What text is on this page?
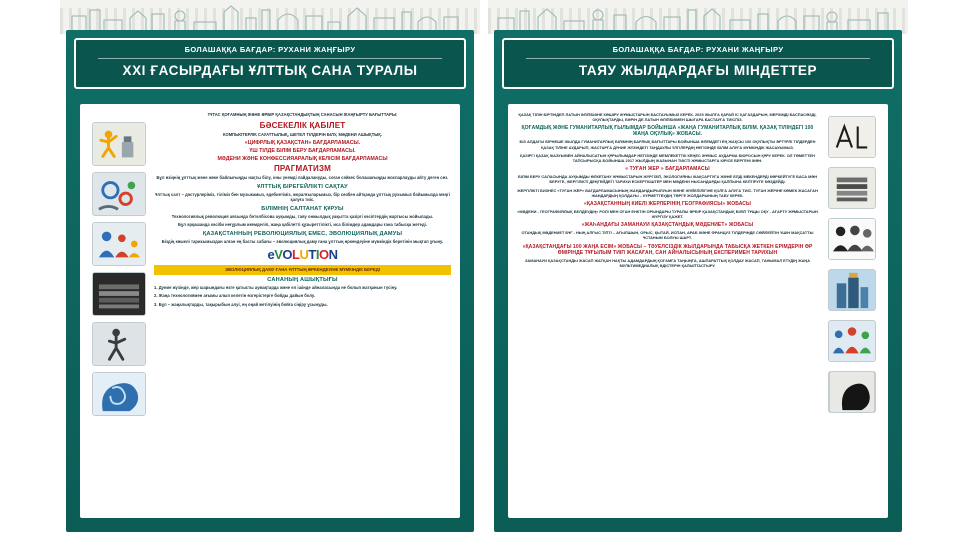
БОЛАШАҚҚА БАҒДАР: РУХАНИ ЖАҢҒЫРУ
XXI ҒАСЫРДАҒЫ ҰЛТТЫҚ САНА ТУРАЛЫ

ТҰТАС ҚОҒАМНЫҢ ЖӘНЕ ӘРБІР ҚАЗАҚСТАНДЫҚТЫҢ САНАСЫН ЖАҢҒЫРТУ БАҒЫТТАРЫ:

БӘСЕКЕЛІК ҚАБІЛЕТ

КОМПЬЮТЕРЛІК САУАТТЫЛЫҚ, ШЕТЕЛ ТІЛДЕРІН БІЛУ, МӘДЕНИ АШЫҚТЫҚ.

«ЦИФРЛЫҚ ҚАЗАҚСТАН» БАҒДАРЛАМАСЫ.

ҮШ ТІЛДЕ БІЛІМ БЕРУ БАҒДАРЛАМАСЫ.

МӘДЕНИ ЖӘНЕ КОНФЕССИЯАРАЛЫҚ КЕЛІСІМ БАҒДАРЛАМАСЫ

ПРАГМАТИЗМ

Бұл өзіңнің ұлттық және жеке байлығыңды нақты білу, оны үнемді пайдалануды, соған сәйкес болашағыңды жоспарлауды айту деген сөз.

ҰЛТТЫҚ БІРЕГЕЙЛІКТІ САҚТАУ

Ұлттық салт – дәстүрлеріміз, тіліміз бен музыкамыз, әдебиетіміз, жоралғыларымыз, бір сөзбен айтқанда ұлттық рухымыз бойымызда мәңгі қалуға тиіс.

БІЛІМНІҢ САЛТАНАТ ҚҰРУЫ

Технологиялық революция аясында бәтәлбісова ауқымды, таяу онжылдық уақытта қазіргі кәсіптердің жартысы жойылады.

Бұл әрқашанда кәсіби неғұрлым икемделіп, жаңа қабілетті құзыреттілікті, иса білімдер адамдары ғана табысқа жетеді.

ҚАЗАҚСТАННЫҢ РЕВОЛЮЦИЯЛЫҚ ЕМЕС, ЭВОЛЮЦИЯЛЫҚ ДАМУЫ

Біздің көшелі тарихымыздан алған ең басты сабағы – эволюциялық даму ғана ұлттың өркендеуіне мүмкіндік беретінін мықтап ұғыну.

eVOLUTION
ЭВОЛЮЦИЯЛЫҚ ДАМУ ҒАНА ҰЛТТЫҢ ӨРКЕНДЕУІНЕ МҮМКІНДІК БЕРЕДІ
САНАНЫҢ АШЫҚТЫҒЫ

1. Дүние жүзінде, жер шарындағы өзге қатысты аумақтарда және ел ішінде айналасында не болып жатқанын түсіну.

2. Жаңа технологиямен ағымы алып келетін өзгерістерге бойды дайын болу.

3. Бұл – жаңалықтарды, тақырыбын алуі, ең оңай жетілуінің бойға сіңіру ұсынуды.

БОЛАШАҚҚА БАҒДАР: РУХАНИ ЖАҢҒЫРУ
ТАЯУ ЖЫЛДАРДАҒЫ МІНДЕТТЕР

ҚАЗАҚ ТІЛІН БІРТІНДЕП ЛАТЫН ӘЛІПБИІНЕ КӨШІРУ ЖҰМЫСТАРЫН БАСТАУЫМЫЗ КЕРЕК. 2025 ЖЫЛҒА ҚАРАЙ ІС ҚАҒАЗДАРЫН, МЕРЗІМДІ БАСПАСӨЗДІ, ОҚУЛЫҚТАРДЫ, БӘРІН ДЕ ЛАТЫН ӘЛІПБИІМЕН ШЫҒАРА БАСТАУҒА ТИІСПІЗ.

ҚОҒАМДЫҚ ЖӘНЕ ГУМАНИТАРЛЫҚ ҒЫЛЫМДАР БОЙЫНША «ЖАҢА ГУМАНИТАРЛЫҚ БІЛІМ. ҚАЗАҚ ТІЛІНДЕГІ 100 ЖАҢА ОҚУЛЫҚ» ЖОБАСЫ.

БІЗ АЛДАҒЫ БІРНЕШЕ ЖЫЛДА ГУМАНИТАРЛЫҚ БІЛІМНІҢ БАРЛЫҚ БАҒЫТТАРЫ БОЙЫНША ӘЛЕМДЕГІ ЕҢ ЖАҚСЫ 100 ОҚУЛЫҚТЫ ӘРТҮРЛІ ТІЛДЕРДЕН ҚАЗАҚ ТІЛІНЕ АУДАРЫП, ЖАСТАРҒА ДҮНИЕ ЖҮЗІНДЕГІ ТАҢДАУЛЫ ҮЛГІЛЕРДІҢ НЕГІЗІНДЕ БІЛІМ АЛУҒА МҮМКІНДІК ЖАСАУЫМЫЗ.

ҚАЗІРГІ ҚАЗАҚ ЖАЗУЫМЕН АЙНАЛЫСАТЫН ҚҰРЫЛЫМДАР НЕГІЗІНДЕ МЕМЛЕКЕТТІК КЕҢЕС ЖҰМЫС АУДАРМА БЮРОСЫН ҚҰРУ КЕРЕК. ОЛ ТӨМЕТТЕН ТАПСЫРЫСҚА БОЙЫНША 2017 ЖЫЛДЫҢ ЖАЗЫНАН ТИІСТІ ЖҰМЫСТАРҒА КІРІСЕ БЕРГЕНІ ЖӨН.

« ТУҒАН ЖЕР » БАҒДАРЛАМАСЫ

БІЛІМ БЕРУ САЛАСЫНДА АУҚЫМДЫ ӨЛКЕТАНУ ЖҰМЫСТАРЫН ЖҮРГІЗІП, ЭКОЛОГИЯНЫ ЖАҚСАРТУҒА ЖӘНЕ ЕЛДІ МЕКЕНДЕРДІ КӨРКЕЙТУГЕ БАСА МӘН БЕРУГЕ, ЖЕРГІЛІКТІ ДЕҢГЕЙДЕГІ ТАРИХИ ЕСКЕРТКІШТЕР МЕН МӘДЕНИ НЫСАНДАРДЫ ҚАЛПЫНА КЕЛТІРУГЕ КӨЗДЕЙДІ.

ЖЕРГІЛІКТІ БИЗНЕС «ТУҒАН ЖЕР» БАҒДАРЛАМАСЫНЫҢ ЖАНДАНДЫРЫЛУЫН ЖӘНЕ ЖҮЙЕЛІЛІГІНЕ ҚОЛҒА АЛУҒА ТИІС. ТУҒАН ЖЕРІНЕ КӨМЕК ЖАСАҒАН ЖАНДАРДЫҢ ҚОЛДАУЫ – КҮРМЕТТЕУДІҢ ТӨРГЕ ЖОЛДАРЫНЫҢ ТАБУ КЕРЕК.

«ҚАЗАҚСТАННЫҢ КИЕЛІ ЖЕРЛЕРІНІҢ ГЕОГРАФИЯСЫ» ЖОБАСЫ

«МӘДЕНИ - ГЕОГРАФИЯЛЫҚ БЕЛДЕУДІҢ» РОЛІ МЕН ОҒАН ЕНКТІН ОРЫНДАРЫ ТУРАЛЫ ӘРБІР ҚАЗАҚСТАНДЫҚ БІЛІП ТҰЩЫ ОҚУ - АҒАРТУ ЖҰМЫСТАРЫН ЖҮРГІЗУ ҚАЖЕТ.

«ЖАҺАНДАҒЫ ЗАМАНАУИ ҚАЗАҚСТАНДЫҚ МӘДЕНИЕТ» ЖОБАСЫ

ОТАНДЫҚ МӘДЕНИЕТ БҰГ - НЫҢ АЛҒЫС ТІПТІ – АҒЫЛШЫН, ОРЫС, ҚЫТАЙ, ИСПАН, АРАБ ЖӘНЕ ФРАНЦУЗ ТІЛДЕРІНДЕ СӨЙЛЕЙТІН ҮШІН МАҚСАТТЫ ҰСТАНЫМ БОЛУЫ ШАРТ.

«ҚАЗАҚСТАНДАҒЫ 100 ЖАҢА ЕСІМ» ЖОБАСЫ – ТӘУЕЛСІЗДІК ЖЫЛДАРЫНДА ТАБЫСҚА ЖЕТКЕН ЕРІМДЕРІН ӨР ӨМІРІНДЕ ТҰҒЫЛЫМ ТИІП ЖАСАҒАН, САН АЙНАЛЫСЫНЫҢ ЕКСПЕРИМЕН ТАРИХЫН

ЗАМАНАУИ ҚАЗАҚСТАНДЫ ЖАСАП ЖАТҚАН НАҚТЫ АДАМДАРДЫҢ ҚОҒАМҒА ТАҢЫҢҒА, АШПАРАТТЫҚ ҚОЛДАУ ЖАСАП, ТАНЫМАЛ ЕТУДІҢ ЖАҢА МУЛЬТИМЕДИАЛЫҚ ӘДІСТЕРІН ҚАЛЫПТАСТЫРУ.
